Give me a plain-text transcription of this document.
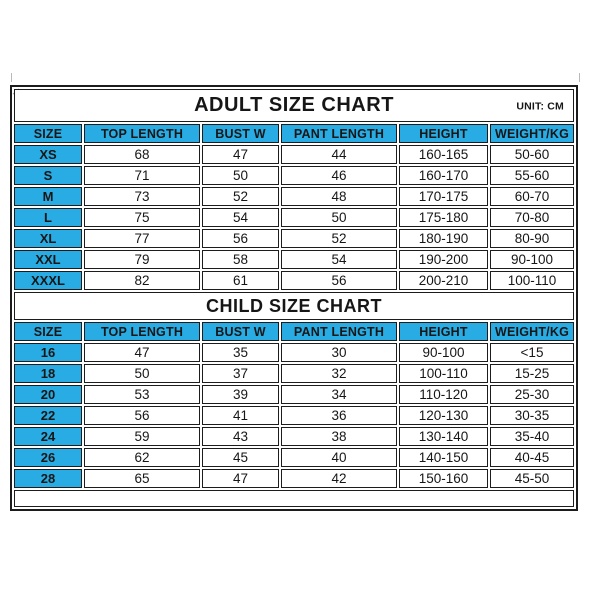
ADULT SIZE CHART UNIT: CM					

SIZE	TOP LENGTH	BUST W	PANT LENGTH	HEIGHT	WEIGHT/KG
XS	68	47	44	160-165	50-60
S	71	50	46	160-170	55-60
M	73	52	48	170-175	60-70
L	75	54	50	175-180	70-80
XL	77	56	52	180-190	80-90
XXL	79	58	54	190-200	90-100
XXXL	82	61	56	200-210	100-110
CHILD SIZE CHART					
SIZE	TOP LENGTH	BUST W	PANT LENGTH	HEIGHT	WEIGHT/KG
16	47	35	30	90-100	<15
18	50	37	32	100-110	15-25
20	53	39	34	110-120	25-30
22	56	41	36	120-130	30-35
24	59	43	38	130-140	35-40
26	62	45	40	140-150	40-45
28	65	47	42	150-160	45-50
